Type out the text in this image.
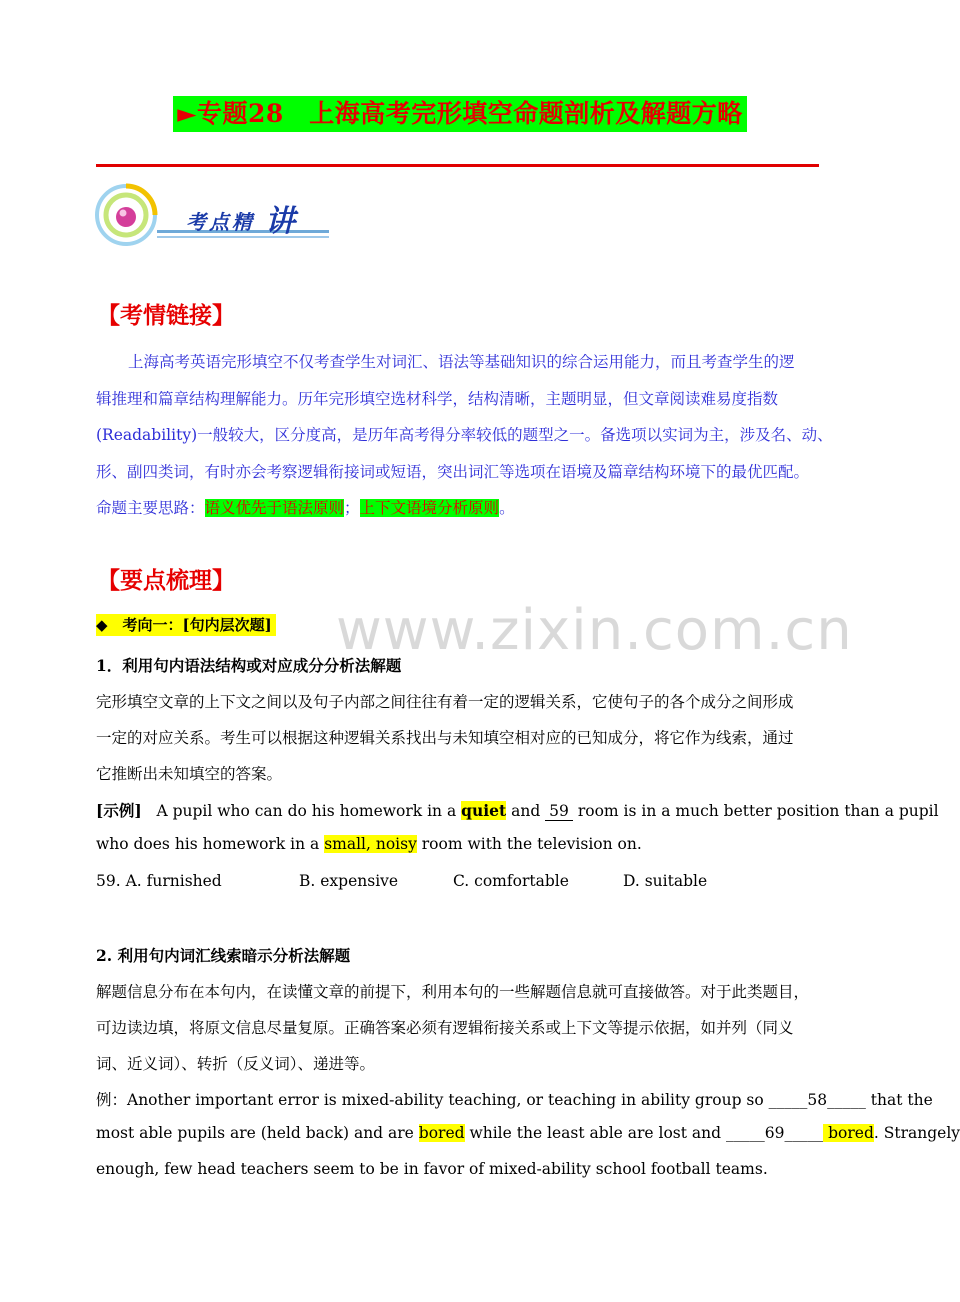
►专题28　上海高考完形填空命题剖析及解题方略
考点精 讲
【考情链接】
上海高考英语完形填空不仅考查学生对词汇、语法等基础知识的综合运用能力，而且考查学生的逻
辑推理和篇章结构理解能力。历年完形填空选材科学，结构清晰，主题明显，但文章阅读难易度指数
(Readability)一般较大，区分度高，是历年高考得分率较低的题型之一。备选项以实词为主，涉及名、动、
形、副四类词，有时亦会考察逻辑衔接词或短语，突出词汇等选项在语境及篇章结构环境下的最优匹配。
命题主要思路：语义优先于语法原则；上下文语境分析原则。
【要点梳理】
www.zixin.com.cn
◆　考向一：[句内层次题]
1．利用句内语法结构或对应成分分析法解题
完形填空文章的上下文之间以及句子内部之间往往有着一定的逻辑关系，它使句子的各个成分之间形成
一定的对应关系。考生可以根据这种逻辑关系找出与未知填空相对应的已知成分，将它作为线索，通过
它推断出未知填空的答案。
[示例] A pupil who can do his homework in a quiet and 59 room is in a much better position than a pupil
who does his homework in a small, noisy room with the television on.
59. A. furnished	B. expensive	C. comfortable	D. suitable
2. 利用句内词汇线索暗示分析法解题
解题信息分布在本句内，在读懂文章的前提下，利用本句的一些解题信息就可直接做答。对于此类题目，
可边读边填，将原文信息尽量复原。正确答案必须有逻辑衔接关系或上下文等提示依据，如并列（同义
词、近义词）、转折（反义词）、递进等。
例：Another important error is mixed-ability teaching, or teaching in ability group so _____58_____ that the
most able pupils are (held back) and are bored while the least able are lost and _____69_____ bored. Strangely
enough, few head teachers seem to be in favor of mixed-ability school football teams.
